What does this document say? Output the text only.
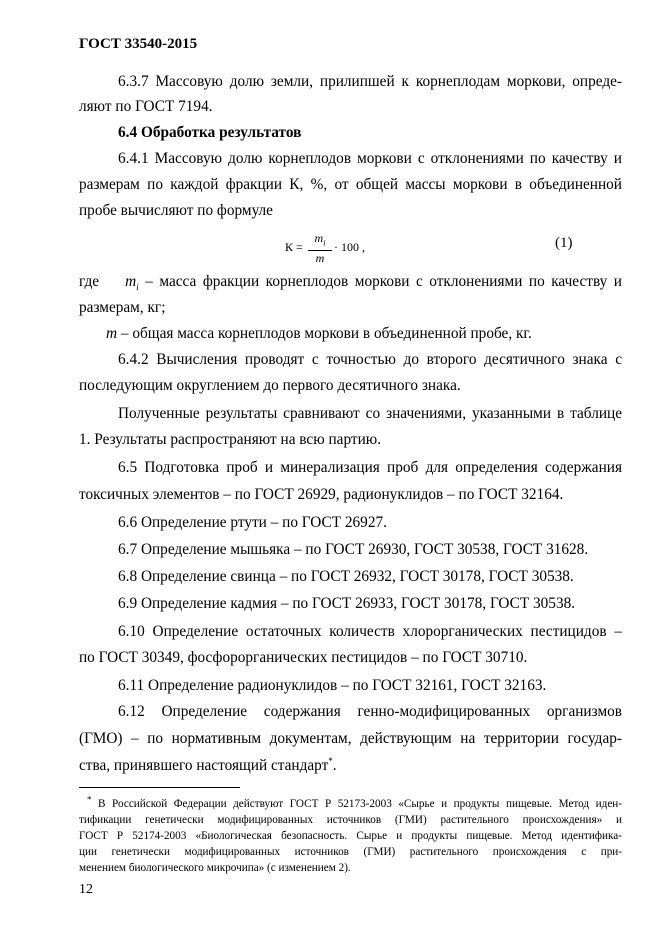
ГОСТ 33540-2015
6.3.7 Массовую долю земли, прилипшей к корнеплодам моркови, опреде-
ляют по ГОСТ 7194.
6.4 Обработка результатов
6.4.1 Массовую долю корнеплодов моркови с отклонениями по качеству и
размерам по каждой фракции К, %, от общей массы моркови в объединенной
пробе вычисляют по формуле
К =
$m_i$
m
· 100 ,	(1)
где $m_i$ – масса фракции корнеплодов моркови с отклонениями по качеству и
размерам, кг;
m – общая масса корнеплодов моркови в объединенной пробе, кг.
6.4.2 Вычисления проводят с точностью до второго десятичного знака с
последующим округлением до первого десятичного знака.
Полученные результаты сравнивают со значениями, указанными в таблице
1. Результаты распространяют на всю партию.
6.5 Подготовка проб и минерализация проб для определения содержания
токсичных элементов – по ГОСТ 26929, радионуклидов – по ГОСТ 32164.
6.6 Определение ртути – по ГОСТ 26927.
6.7 Определение мышьяка – по ГОСТ 26930, ГОСТ 30538, ГОСТ 31628.
6.8 Определение свинца – по ГОСТ 26932, ГОСТ 30178, ГОСТ 30538.
6.9 Определение кадмия – по ГОСТ 26933, ГОСТ 30178, ГОСТ 30538.
6.10 Определение остаточных количеств хлорорганических пестицидов –
по ГОСТ 30349, фосфорорганических пестицидов – по ГОСТ 30710.
6.11 Определение радионуклидов – по ГОСТ 32161, ГОСТ 32163.
6.12 Определение содержания генно-модифицированных организмов
(ГМО) – по нормативным документам, действующим на территории государ-
ства, принявшего настоящий стандарт*.
* В Российской Федерации действуют ГОСТ Р 52173-2003 «Сырье и продукты пищевые. Метод иден-
тификации генетически модифицированных источников (ГМИ) растительного происхождения» и
ГОСТ Р 52174-2003 «Биологическая безопасность. Сырье и продукты пищевые. Метод идентифика-
ции генетически модифицированных источников (ГМИ) растительного происхождения с при-
менением биологического микрочипа» (с изменением 2).
12
